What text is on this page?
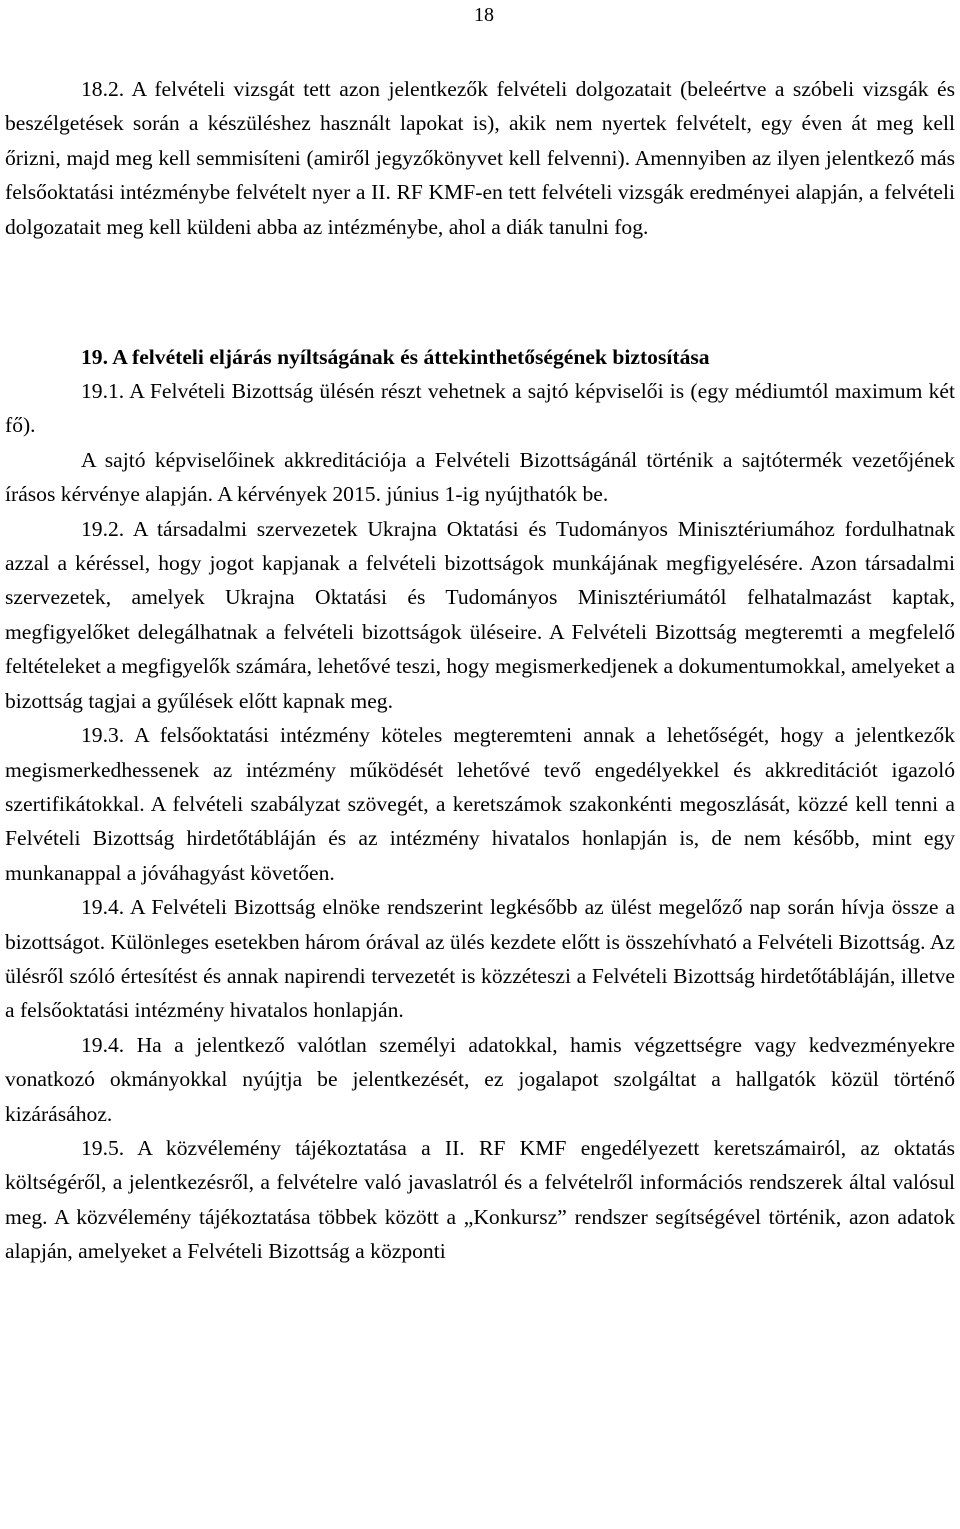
18

18.2. A felvételi vizsgát tett azon jelentkezők felvételi dolgozatait (beleértve a szóbeli vizsgák és beszélgetések során a készüléshez használt lapokat is), akik nem nyertek felvételt, egy éven át meg kell őrizni, majd meg kell semmisíteni (amiről jegyzőkönyvet kell felvenni). Amennyiben az ilyen jelentkező más felsőoktatási intézménybe felvételt nyer a II. RF KMF-en tett felvételi vizsgák eredményei alapján, a felvételi dolgozatait meg kell küldeni abba az intézménybe, ahol a diák tanulni fog.

19. A felvételi eljárás nyíltságának és áttekinthetőségének biztosítása

19.1. A Felvételi Bizottság ülésén részt vehetnek a sajtó képviselői is (egy médiumtól maximum két fő).

A sajtó képviselőinek akkreditációja a Felvételi Bizottságánál történik a sajtótermék vezetőjének írásos kérvénye alapján. A kérvények 2015. június 1-ig nyújthatók be.

19.2. A társadalmi szervezetek Ukrajna Oktatási és Tudományos Minisztériumához fordulhatnak azzal a kéréssel, hogy jogot kapjanak a felvételi bizottságok munkájának megfigyelésére. Azon társadalmi szervezetek, amelyek Ukrajna Oktatási és Tudományos Minisztériumától felhatalmazást kaptak, megfigyelőket delegálhatnak a felvételi bizottságok üléseire. A Felvételi Bizottság megteremti a megfelelő feltételeket a megfigyelők számára, lehetővé teszi, hogy megismerkedjenek a dokumentumokkal, amelyeket a bizottság tagjai a gyűlések előtt kapnak meg.

19.3. A felsőoktatási intézmény köteles megteremteni annak a lehetőségét, hogy a jelentkezők megismerkedhessenek az intézmény működését lehetővé tevő engedélyekkel és akkreditációt igazoló szertifikátokkal. A felvételi szabályzat szövegét, a keretszámok szakonkénti megoszlását, közzé kell tenni a Felvételi Bizottság hirdetőtábláján és az intézmény hivatalos honlapján is, de nem később, mint egy munkanappal a jóváhagyást követően.

19.4. A Felvételi Bizottság elnöke rendszerint legkésőbb az ülést megelőző nap során hívja össze a bizottságot. Különleges esetekben három órával az ülés kezdete előtt is összehívható a Felvételi Bizottság. Az ülésről szóló értesítést és annak napirendi tervezetét is közzéteszi a Felvételi Bizottság hirdetőtábláján, illetve a felsőoktatási intézmény hivatalos honlapján.

19.4. Ha a jelentkező valótlan személyi adatokkal, hamis végzettségre vagy kedvezményekre vonatkozó okmányokkal nyújtja be jelentkezését, ez jogalapot szolgáltat a hallgatók közül történő kizárásához.

19.5. A közvélemény tájékoztatása a II. RF KMF engedélyezett keretszámairól, az oktatás költségéről, a jelentkezésről, a felvételre való javaslatról és a felvételről információs rendszerek által valósul meg. A közvélemény tájékoztatása többek között a „Konkursz” rendszer segítségével történik, azon adatok alapján, amelyeket a Felvételi Bizottság a központi
